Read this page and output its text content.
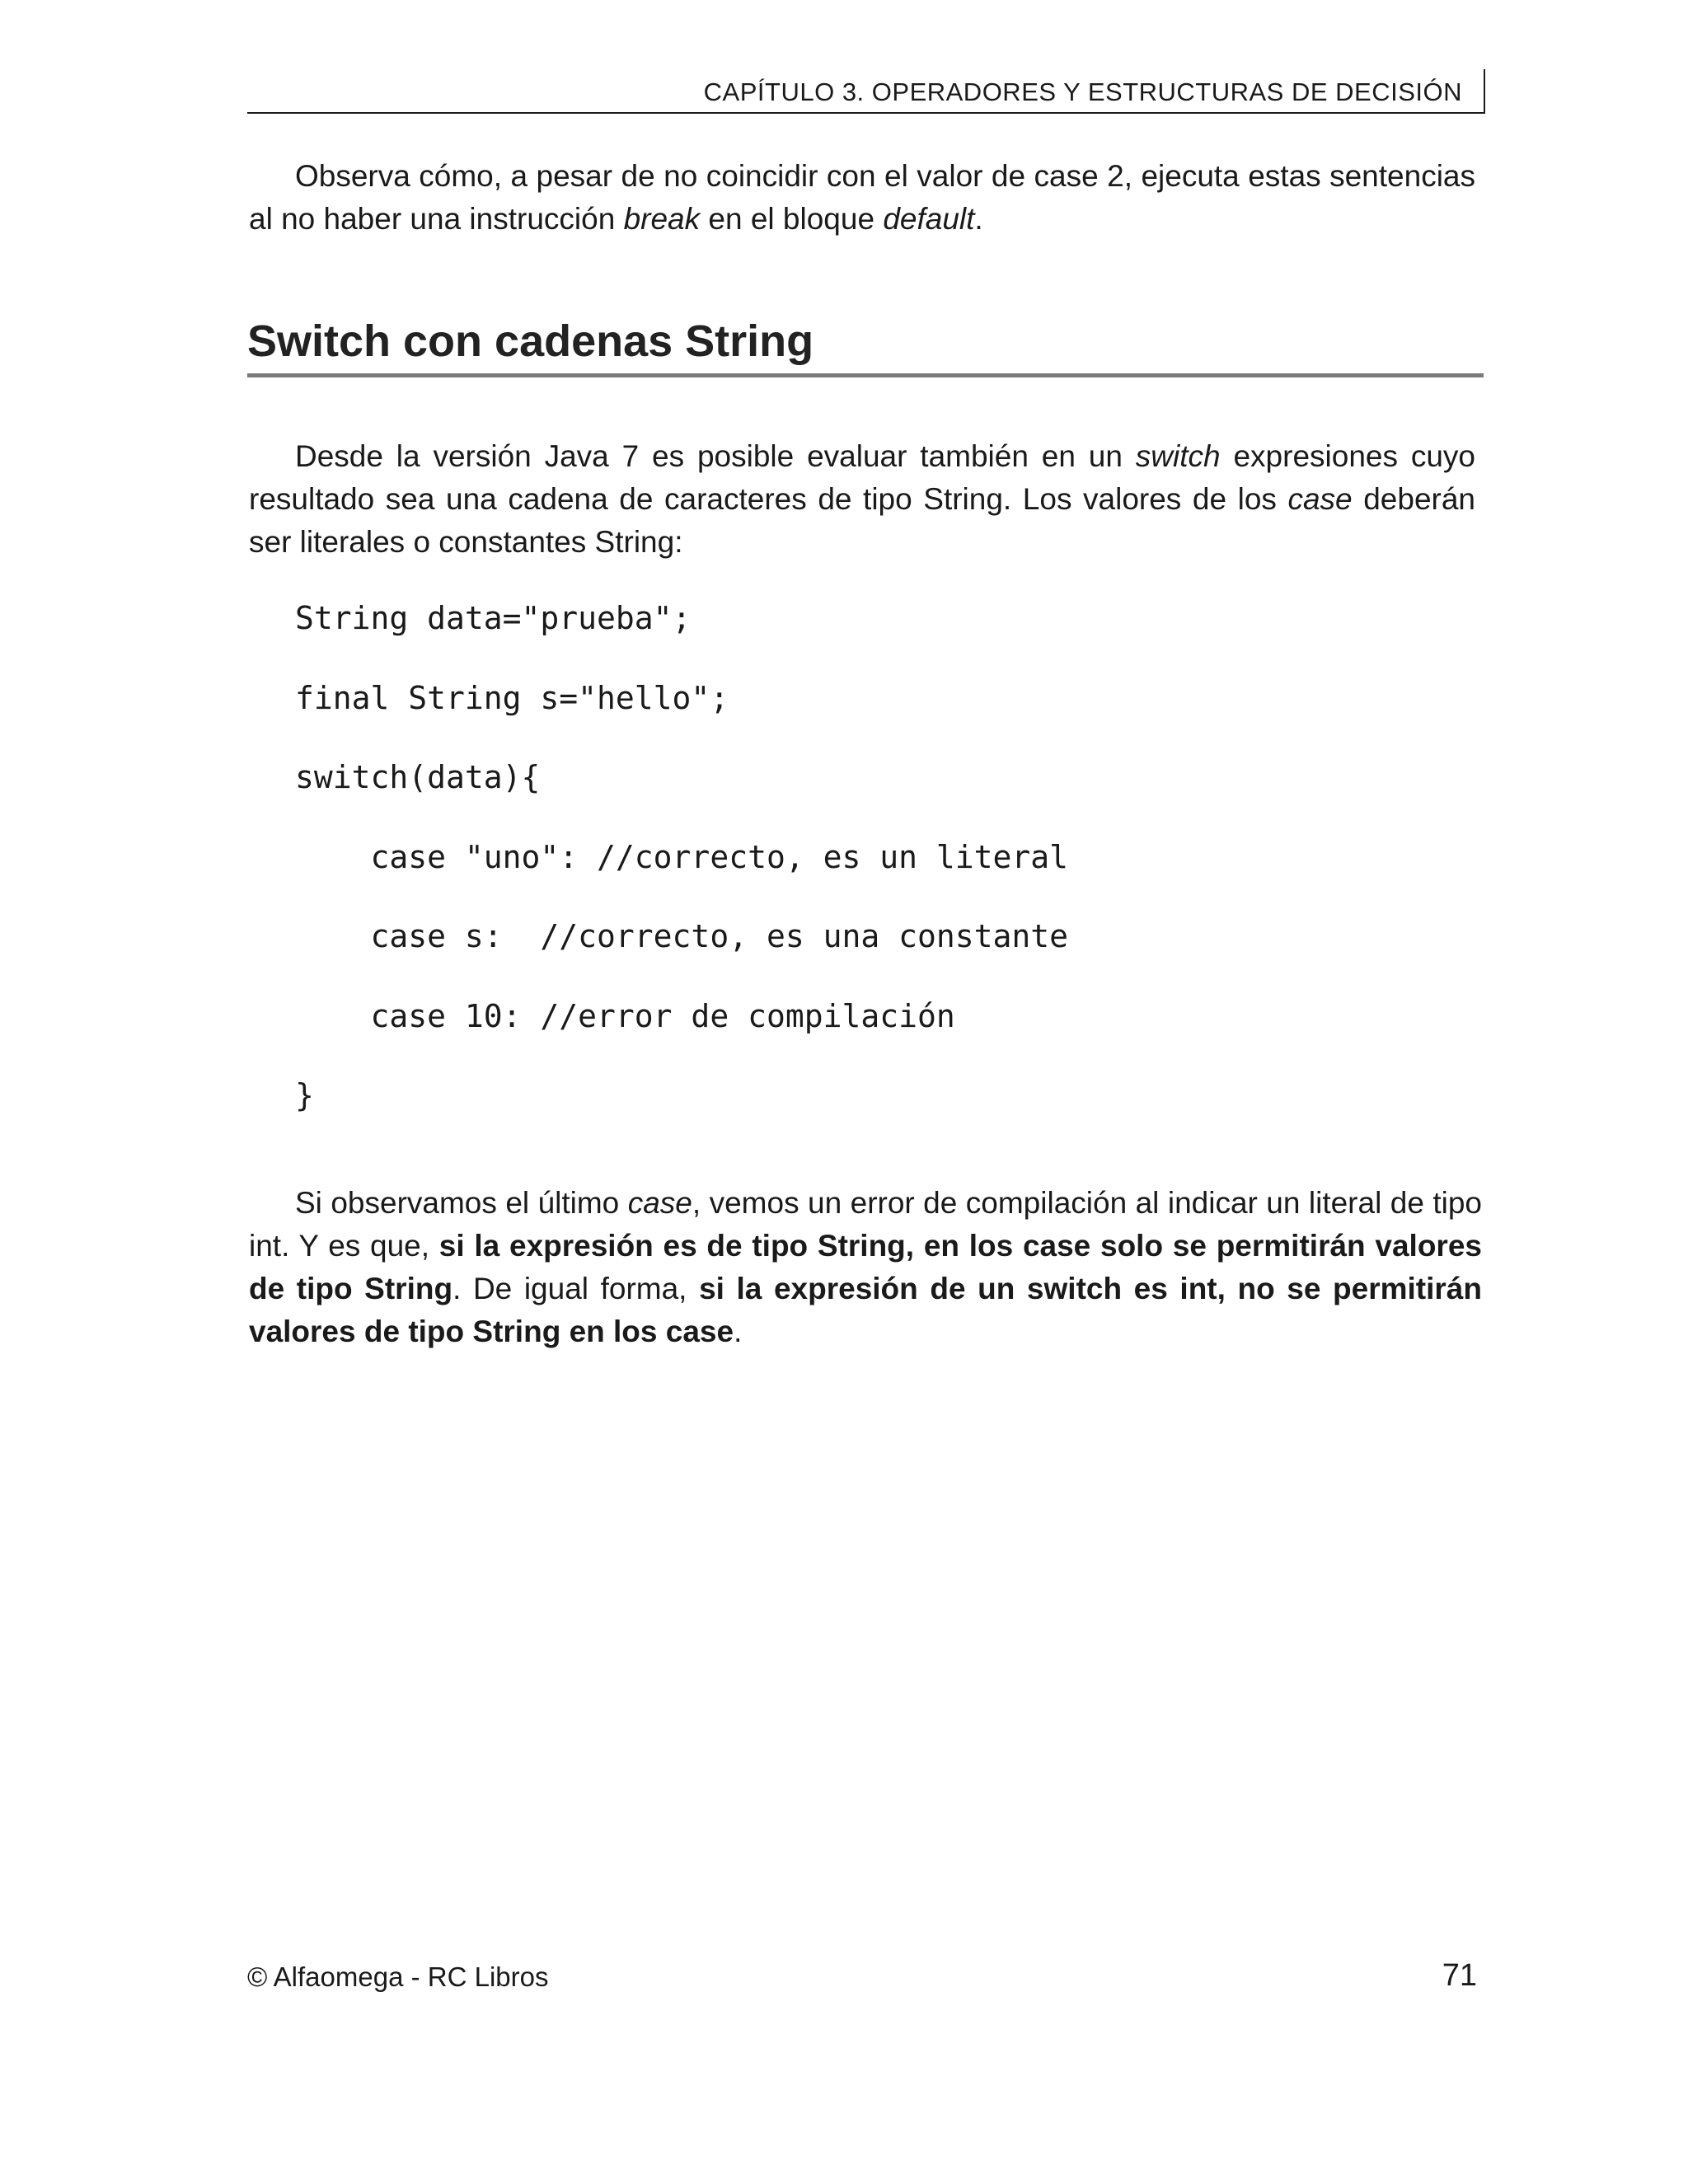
CAPÍTULO 3. OPERADORES Y ESTRUCTURAS DE DECISIÓN

Observa cómo, a pesar de no coincidir con el valor de case 2, ejecuta estas sentencias al no haber una instrucción break en el bloque default.

Switch con cadenas String

Desde la versión Java 7 es posible evaluar también en un switch expresiones cuyo resultado sea una cadena de caracteres de tipo String. Los valores de los case deberán ser literales o constantes String:

String data="prueba";
final String s="hello";
switch(data){
case "uno": //correcto, es un literal
case s:  //correcto, es una constante
case 10: //error de compilación
}

Si observamos el último case, vemos un error de compilación al indicar un literal de tipo int. Y es que, si la expresión es de tipo String, en los case solo se permitirán valores de tipo String. De igual forma, si la expresión de un switch es int, no se permitirán valores de tipo String en los case.

© Alfaomega - RC Libros	71
